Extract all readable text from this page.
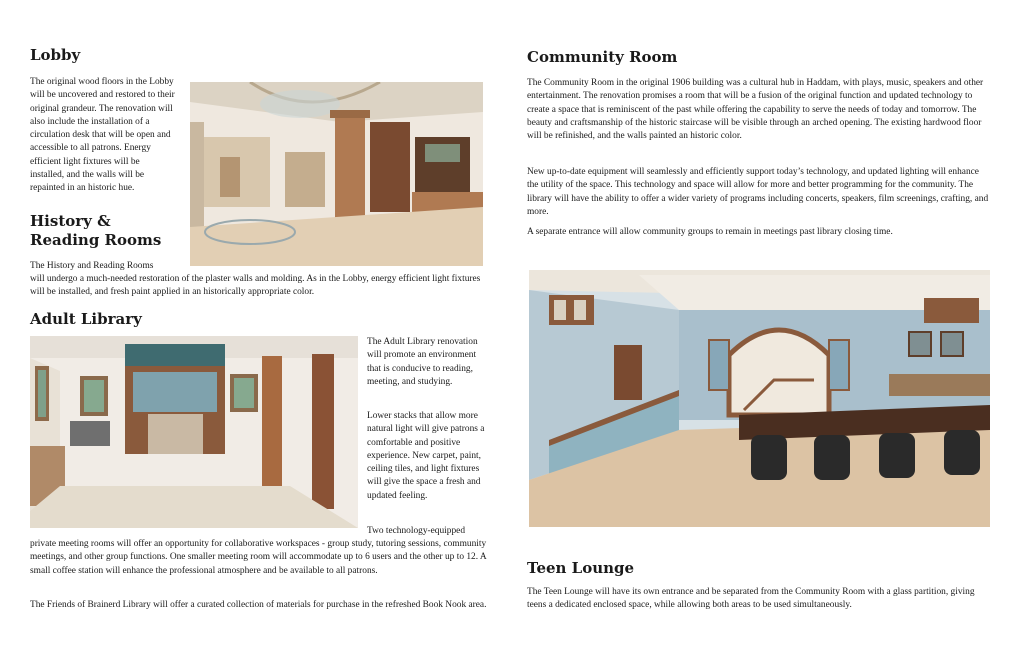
Lobby

The original wood floors in the Lobby will be uncovered and restored to their original grandeur. The renovation will also include the installation of a circulation desk that will be open and accessible to all patrons. Energy efficient light fixtures will be installed, and the walls will be repainted in an historic hue.

History & Reading Rooms

The History and Reading Rooms

will undergo a much-needed restoration of the plaster walls and molding. As in the Lobby, energy efficient light fixtures will be installed, and fresh paint applied in an historically appropriate color.

Adult Library

The Adult Library renovation will promote an environment that is conducive to reading, meeting, and studying.

Lower stacks that allow more natural light will give patrons a comfortable and positive experience. New carpet, paint, ceiling tiles, and light fixtures will give the space a fresh and updated feeling.

Two technology-equipped

private meeting rooms will offer an opportunity for collaborative workspaces - group study, tutoring sessions, community meetings, and other group functions. One smaller meeting room will accommodate up to 6 users and the other up to 12. A small coffee station will enhance the professional atmosphere and be available to all patrons.

The Friends of Brainerd Library will offer a curated collection of materials for purchase in the refreshed Book Nook area.

Community Room

The Community Room in the original 1906 building was a cultural hub in Haddam, with plays, music, speakers and other entertainment. The renovation promises a room that will be a fusion of the original function and updated technology to create a space that is reminiscent of the past while offering the capability to serve the needs of today and tomorrow. The beauty and craftsmanship of the historic staircase will be visible through an arched opening. The existing hardwood floor will be refinished, and the walls painted an historic color.

New up-to-date equipment will seamlessly and efficiently support today’s technology, and updated lighting will enhance the utility of the space. This technology and space will allow for more and better programming for the community. The library will have the ability to offer a wider variety of programs including concerts, speakers, film screenings, crafting, and more.

A separate entrance will allow community groups to remain in meetings past library closing time.

Teen Lounge

The Teen Lounge will have its own entrance and be separated from the Community Room with a glass partition, giving teens a dedicated enclosed space, while allowing both areas to be used simultaneously.
